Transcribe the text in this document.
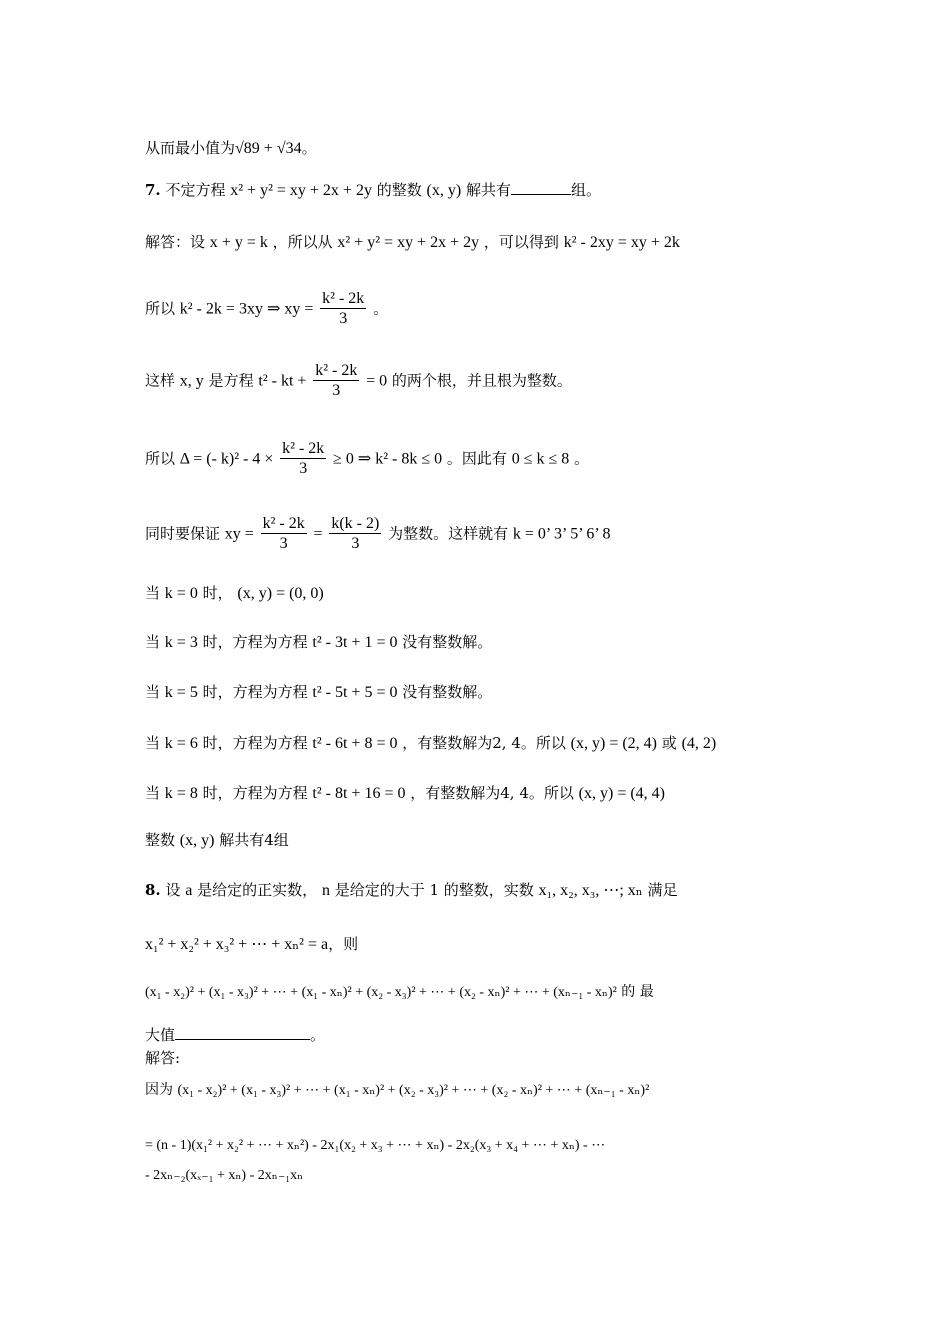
从而最小值为√89 + √34。
7. 不定方程 x² + y² = xy + 2x + 2y 的整数 (x, y) 解共有	组。
解答：设 x + y = k ，所以从 x² + y² = xy + 2x + 2y ，可以得到 k² - 2xy = xy + 2k
所以 k² - 2k = 3xy ⇒ xy = $\frac{\text{k² - 2k}}{3}$ 。
这样 x, y 是方程 t² - kt + $\frac{\text{k² - 2k}}{3} = 0$ 的两个根，并且根为整数。
所以 Δ = (- $k)^2 - 4 \times \frac{\text{k² - 2k}}{3} \ge 0$ ⇒ k² - 8k ≤ 0 。因此有 0 ≤ k ≤ 8 。
同时要保证 xy = $\frac{\text{k² - 2k}}{3} = \frac{k(k - 2)}{3}$ 为整数。这样就有 k = 0’ 3’ 5’ 6’ 8
当 k = 0 时， (x, y) = (0, 0)
当 k = 3 时，方程为方程 t² - 3t + 1 = 0 没有整数解。
当 k = 5 时，方程为方程 t² - 5t + 5 = 0 没有整数解。
当 k = 6 时，方程为方程 t² - 6t + 8 = 0 ，有整数解为2, 4。所以 (x, y) = (2, 4) 或 (4, 2)
当 k = 8 时，方程为方程 t² - 8t + 16 = 0 ，有整数解为4, 4。所以 (x, y) = (4, 4)
整数 (x, y) 解共有4组
8. 设 a 是给定的正实数， n 是给定的大于 1 的整数，实数 x₁, x₂, x₃, ⋯; xₙ 满足
x₁² + x₂² + x₃² + ⋯ + xₙ² = a，则
(x₁ - x₂)² + (x₁ - x₃)² + ⋯ + (x₁ - xₙ)² + (x₂ - x₃)² + ⋯ + (x₂ - xₙ)² + ⋯ + (xₙ₋₁ - xₙ)² 的 最
大值	。
解答:
因为 (x₁ - x₂)² + (x₁ - x₃)² + ⋯ + (x₁ - xₙ)² + (x₂ - x₃)² + ⋯ + (x₂ - xₙ)² + ⋯ + (xₙ₋₁ - xₙ)²
= (n - 1)(x₁² + x₂² + ⋯ + xₙ²) - 2x₁(x₂ + x₃ + ⋯ + xₙ) - 2x₂(x₃ + x₄ + ⋯ + xₙ) - ⋯
- 2xₙ₋₂(xₓ₋₁ + xₙ) - 2xₙ₋₁xₙ
